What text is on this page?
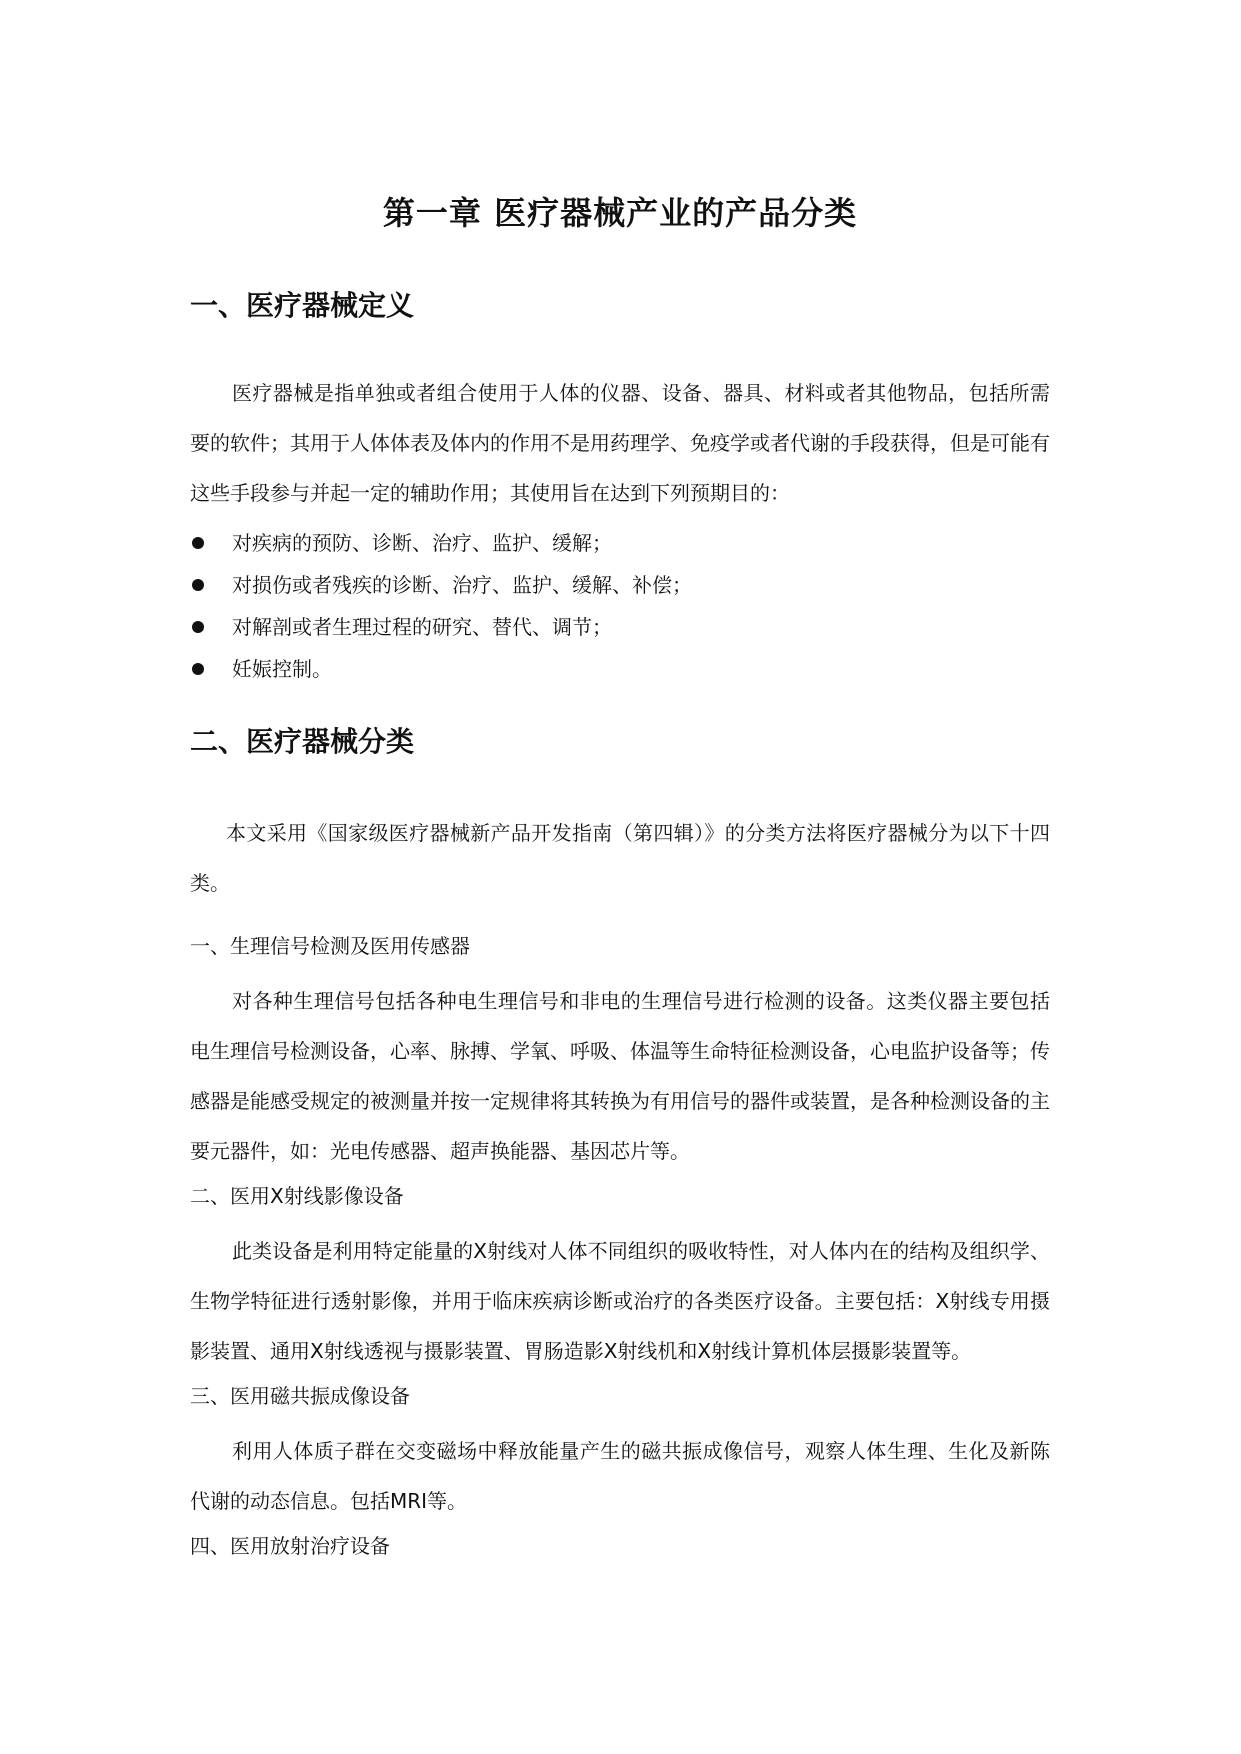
第一章 医疗器械产业的产品分类
一、医疗器械定义

医疗器械是指单独或者组合使用于人体的仪器、设备、器具、材料或者其他物品，包括所需要的软件；其用于人体体表及体内的作用不是用药理学、免疫学或者代谢的手段获得，但是可能有这些手段参与并起一定的辅助作用；其使用旨在达到下列预期目的：

对疾病的预防、诊断、治疗、监护、缓解；
对损伤或者残疾的诊断、治疗、监护、缓解、补偿；
对解剖或者生理过程的研究、替代、调节；
妊娠控制。
二、医疗器械分类

本文采用《国家级医疗器械新产品开发指南（第四辑）》的分类方法将医疗器械分为以下十四类。

一、生理信号检测及医用传感器

对各种生理信号包括各种电生理信号和非电的生理信号进行检测的设备。这类仪器主要包括电生理信号检测设备，心率、脉搏、学氧、呼吸、体温等生命特征检测设备，心电监护设备等；传感器是能感受规定的被测量并按一定规律将其转换为有用信号的器件或装置，是各种检测设备的主要元器件，如：光电传感器、超声换能器、基因芯片等。

二、医用X射线影像设备

此类设备是利用特定能量的X射线对人体不同组织的吸收特性，对人体内在的结构及组织学、生物学特征进行透射影像，并用于临床疾病诊断或治疗的各类医疗设备。主要包括：X射线专用摄影装置、通用X射线透视与摄影装置、胃肠造影X射线机和X射线计算机体层摄影装置等。

三、医用磁共振成像设备

利用人体质子群在交变磁场中释放能量产生的磁共振成像信号，观察人体生理、生化及新陈代谢的动态信息。包括MRI等。

四、医用放射治疗设备
